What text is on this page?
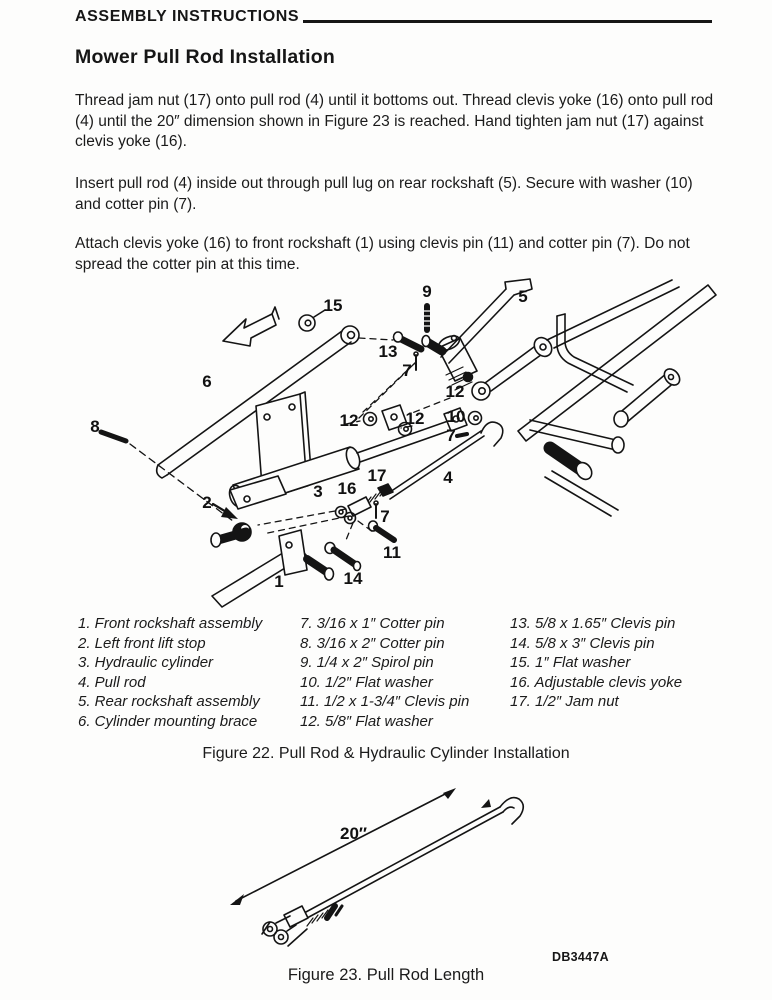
ASSEMBLY INSTRUCTIONS
Mower Pull Rod Installation
Thread jam nut (17) onto pull rod (4) until it bottoms out. Thread clevis yoke (16) onto pull rod (4) until the 20″ dimension shown in Figure 23 is reached. Hand tighten jam nut (17) against clevis yoke (16).
Insert pull rod (4) inside out through pull lug on rear rockshaft (5). Secure with washer (10) and cotter pin (7).
Attach clevis yoke (16) to front rockshaft (1) using clevis pin (11) and cotter pin (7). Do not spread the cotter pin at this time.
15
9	5
13
7
6
8
12
12	12 10
7
2
3 16
17	4
7
11
1	14
1. Front rockshaft assembly
2. Left front lift stop
3. Hydraulic cylinder
4. Pull rod
5. Rear rockshaft assembly
6. Cylinder mounting brace
7. 3/16 x 1″ Cotter pin
8. 3/16 x 2″ Cotter pin
9. 1/4 x 2″ Spirol pin
10. 1/2″ Flat washer
11. 1/2 x 1-3/4″ Clevis pin
12. 5/8″ Flat washer
13. 5/8 x 1.65″ Clevis pin
14. 5/8 x 3″ Clevis pin
15. 1″ Flat washer
16. Adjustable clevis yoke
17. 1/2″ Jam nut
Figure 22. Pull Rod & Hydraulic Cylinder Installation
20″
DB3447A
Figure 23. Pull Rod Length
